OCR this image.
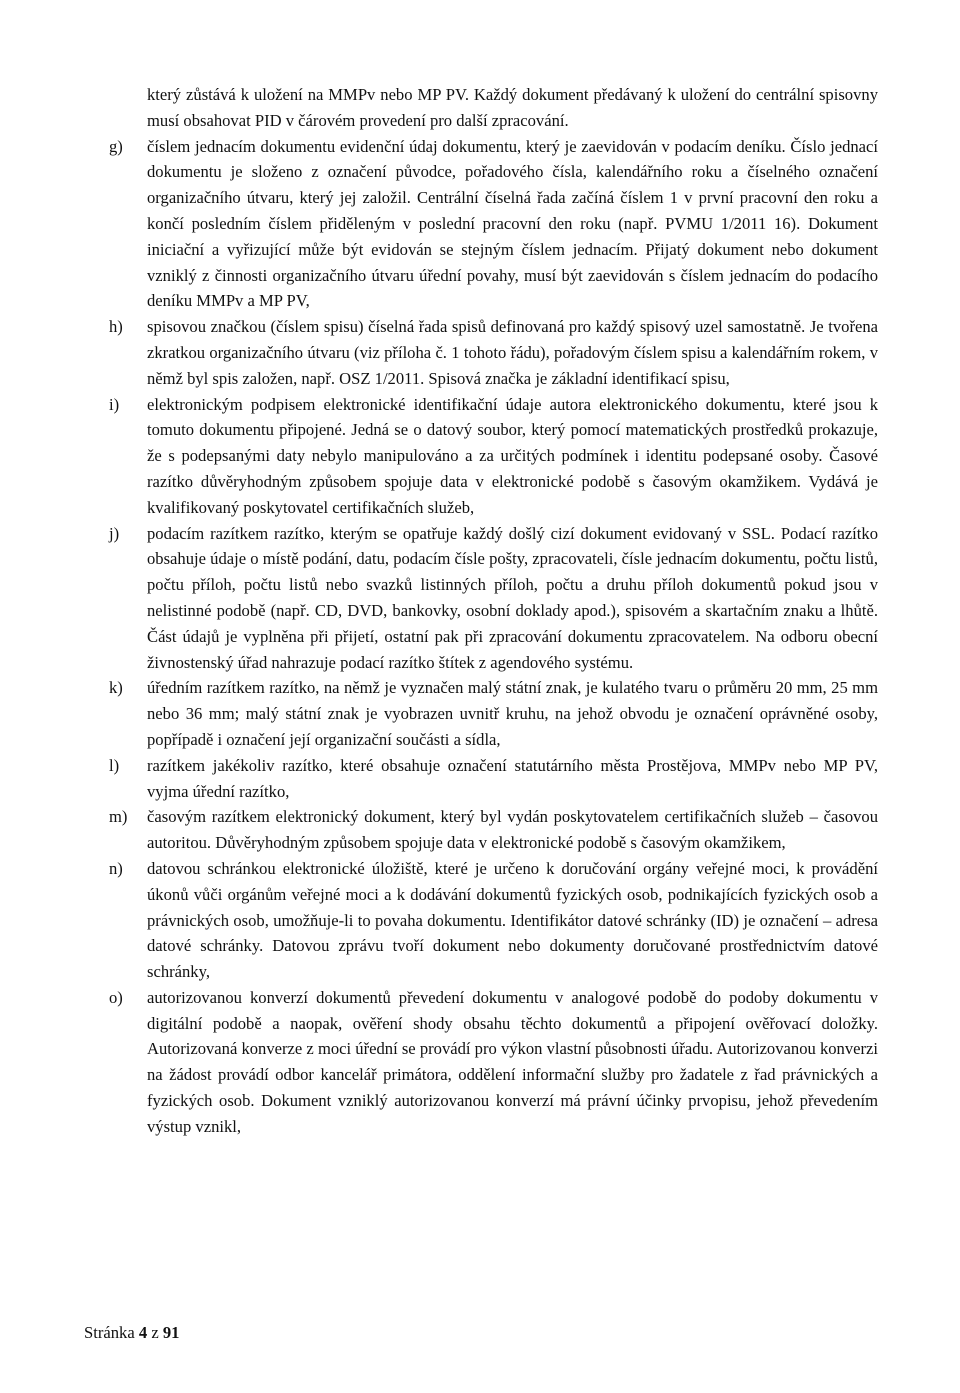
který zůstává k uložení na MMPv nebo MP PV. Každý dokument předávaný k uložení do centrální spisovny musí obsahovat PID v čárovém provedení pro další zpracování.
g) číslem jednacím dokumentu evidenční údaj dokumentu, který je zaevidován v podacím deníku. Číslo jednací dokumentu je složeno z označení původce, pořadového čísla, kalendářního roku a číselného označení organizačního útvaru, který jej založil. Centrální číselná řada začíná číslem 1 v první pracovní den roku a končí posledním číslem přiděleným v poslední pracovní den roku (např. PVMU 1/2011 16). Dokument iniciační a vyřizující může být evidován se stejným číslem jednacím. Přijatý dokument nebo dokument vzniklý z činnosti organizačního útvaru úřední povahy, musí být zaevidován s číslem jednacím do podacího deníku MMPv a MP PV,
h) spisovou značkou (číslem spisu) číselná řada spisů definovaná pro každý spisový uzel samostatně. Je tvořena zkratkou organizačního útvaru (viz příloha č. 1 tohoto řádu), pořadovým číslem spisu a kalendářním rokem, v němž byl spis založen, např. OSZ 1/2011. Spisová značka je základní identifikací spisu,
i) elektronickým podpisem elektronické identifikační údaje autora elektronického dokumentu, které jsou k tomuto dokumentu připojené. Jedná se o datový soubor, který pomocí matematických prostředků prokazuje, že s podepsanými daty nebylo manipulováno a za určitých podmínek i identitu podepsané osoby. Časové razítko důvěryhodným způsobem spojuje data v elektronické podobě s časovým okamžikem. Vydává je kvalifikovaný poskytovatel certifikačních služeb,
j) podacím razítkem razítko, kterým se opatřuje každý došlý cizí dokument evidovaný v SSL. Podací razítko obsahuje údaje o místě podání, datu, podacím čísle pošty, zpracovateli, čísle jednacím dokumentu, počtu listů, počtu příloh, počtu listů nebo svazků listinných příloh, počtu a druhu příloh dokumentů pokud jsou v nelistinné podobě (např. CD, DVD, bankovky, osobní doklady apod.), spisovém a skartačním znaku a lhůtě. Část údajů je vyplněna při přijetí, ostatní pak při zpracování dokumentu zpracovatelem. Na odboru obecní živnostenský úřad nahrazuje podací razítko štítek z agendového systému.
k) úředním razítkem razítko, na němž je vyznačen malý státní znak, je kulatého tvaru o průměru 20 mm, 25 mm nebo 36 mm; malý státní znak je vyobrazen uvnitř kruhu, na jehož obvodu je označení oprávněné osoby, popřípadě i označení její organizační součásti a sídla,
l) razítkem jakékoliv razítko, které obsahuje označení statutárního města Prostějova, MMPv nebo MP PV, vyjma úřední razítko,
m) časovým razítkem elektronický dokument, který byl vydán poskytovatelem certifikačních služeb – časovou autoritou. Důvěryhodným způsobem spojuje data v elektronické podobě s časovým okamžikem,
n) datovou schránkou elektronické úložiště, které je určeno k doručování orgány veřejné moci, k provádění úkonů vůči orgánům veřejné moci a k dodávání dokumentů fyzických osob, podnikajících fyzických osob a právnických osob, umožňuje-li to povaha dokumentu. Identifikátor datové schránky (ID) je označení – adresa datové schránky. Datovou zprávu tvoří dokument nebo dokumenty doručované prostřednictvím datové schránky,
o) autorizovanou konverzí dokumentů převedení dokumentu v analogové podobě do podoby dokumentu v digitální podobě a naopak, ověření shody obsahu těchto dokumentů a připojení ověřovací doložky. Autorizovaná konverze z moci úřední se provádí pro výkon vlastní působnosti úřadu. Autorizovanou konverzi na žádost provádí odbor kancelář primátora, oddělení informační služby pro žadatele z řad právnických a fyzických osob. Dokument vzniklý autorizovanou konverzí má právní účinky prvopisu, jehož převedením výstup vznikl,
Stránka 4 z 91
